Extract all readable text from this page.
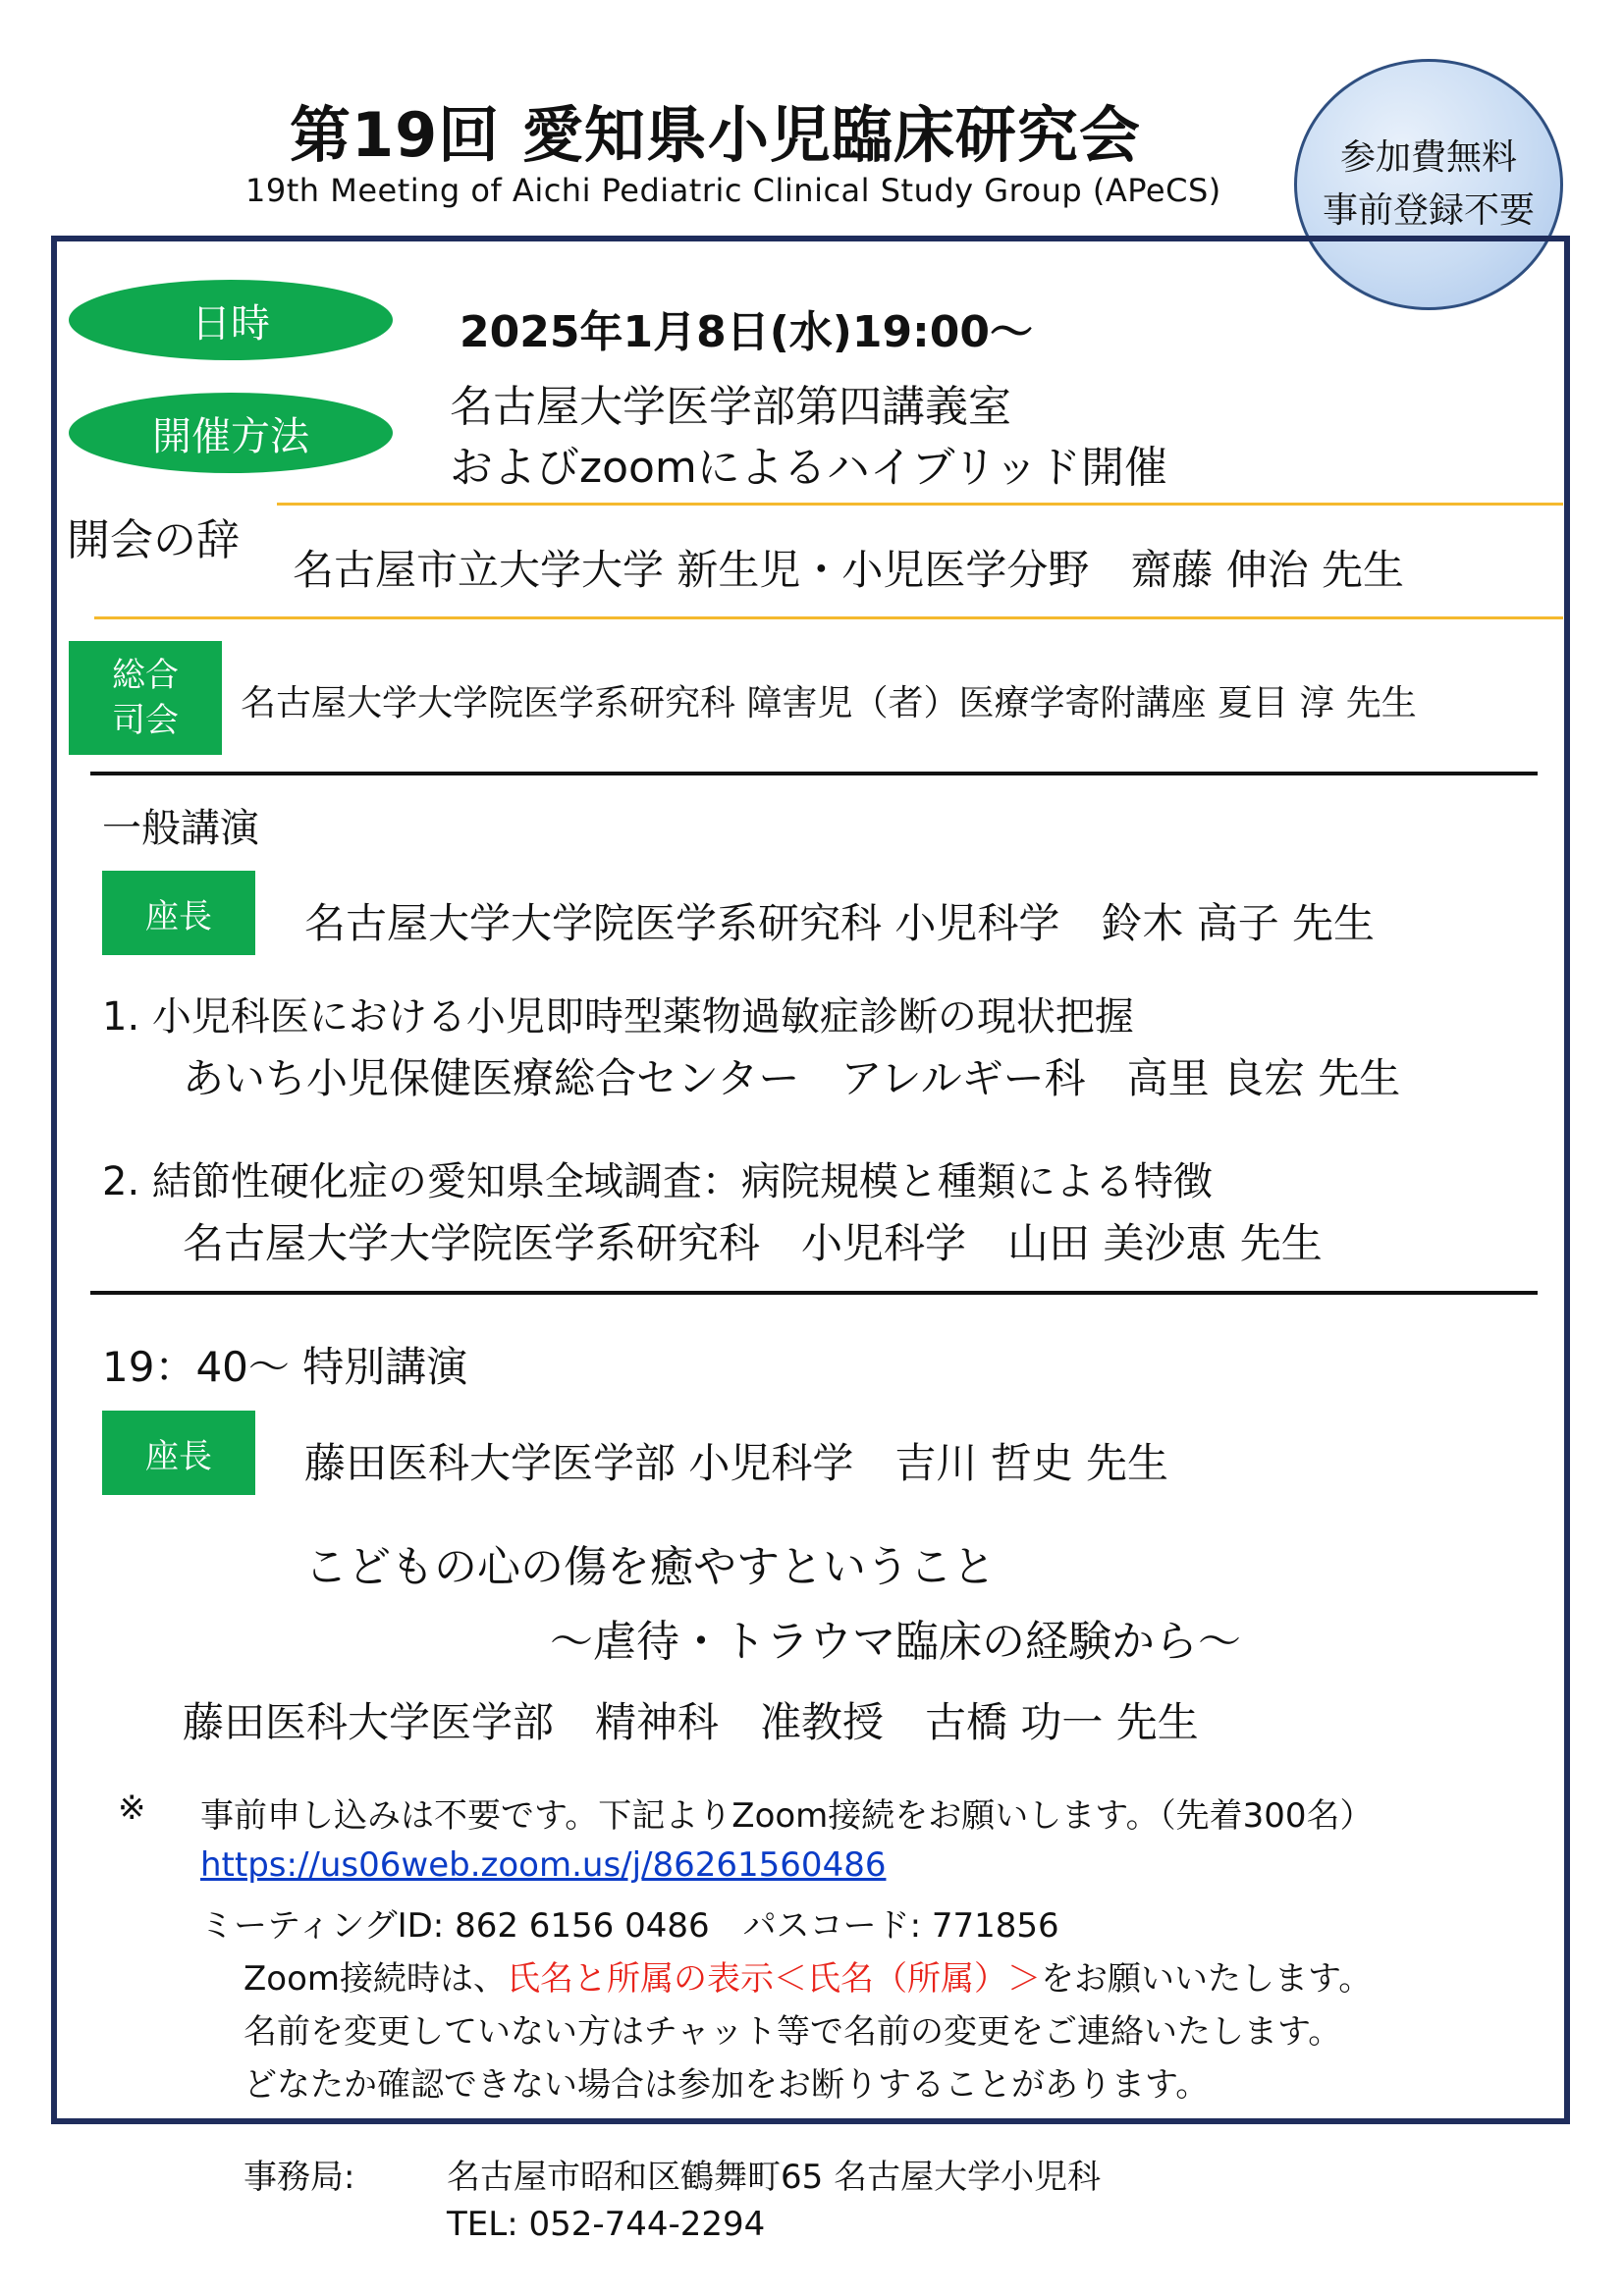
第19回 愛知県小児臨床研究会
19th Meeting of Aichi Pediatric Clinical Study Group (APeCS)
参加費無料
事前登録不要
日時	2025年1月8日(水)19:00〜
開催方法
名古屋大学医学部第四講義室
およびzoomによるハイブリッド開催
開会の辞
名古屋市立大学大学 新生児・小児医学分野　齋藤 伸治 先生
総合
司会 名古屋大学大学院医学系研究科 障害児（者）医療学寄附講座 夏目 淳 先生
一般講演
座長 名古屋大学大学院医学系研究科 小児科学　鈴木 高子 先生
1. 小児科医における小児即時型薬物過敏症診断の現状把握
あいち小児保健医療総合センター　アレルギー科　高里 良宏 先生
2. 結節性硬化症の愛知県全域調査：病院規模と種類による特徴
名古屋大学大学院医学系研究科　小児科学　山田 美沙恵 先生
19：40〜 特別講演
座長 藤田医科大学医学部 小児科学　吉川 哲史 先生
こどもの心の傷を癒やすということ
〜虐待・トラウマ臨床の経験から〜
藤田医科大学医学部　精神科　准教授　古橋 功一 先生
※ 事前申し込みは不要です。下記よりZoom接続をお願いします。（先着300名）
https://us06web.zoom.us/j/86261560486
ミーティングID: 862 6156 0486　パスコード: 771856
Zoom接続時は、氏名と所属の表示＜氏名（所属）＞をお願いいたします。
名前を変更していない方はチャット等で名前の変更をご連絡いたします。
どなたか確認できない場合は参加をお断りすることがあります。
事務局:	名古屋市昭和区鶴舞町65 名古屋大学小児科
TEL: 052-744-2294
